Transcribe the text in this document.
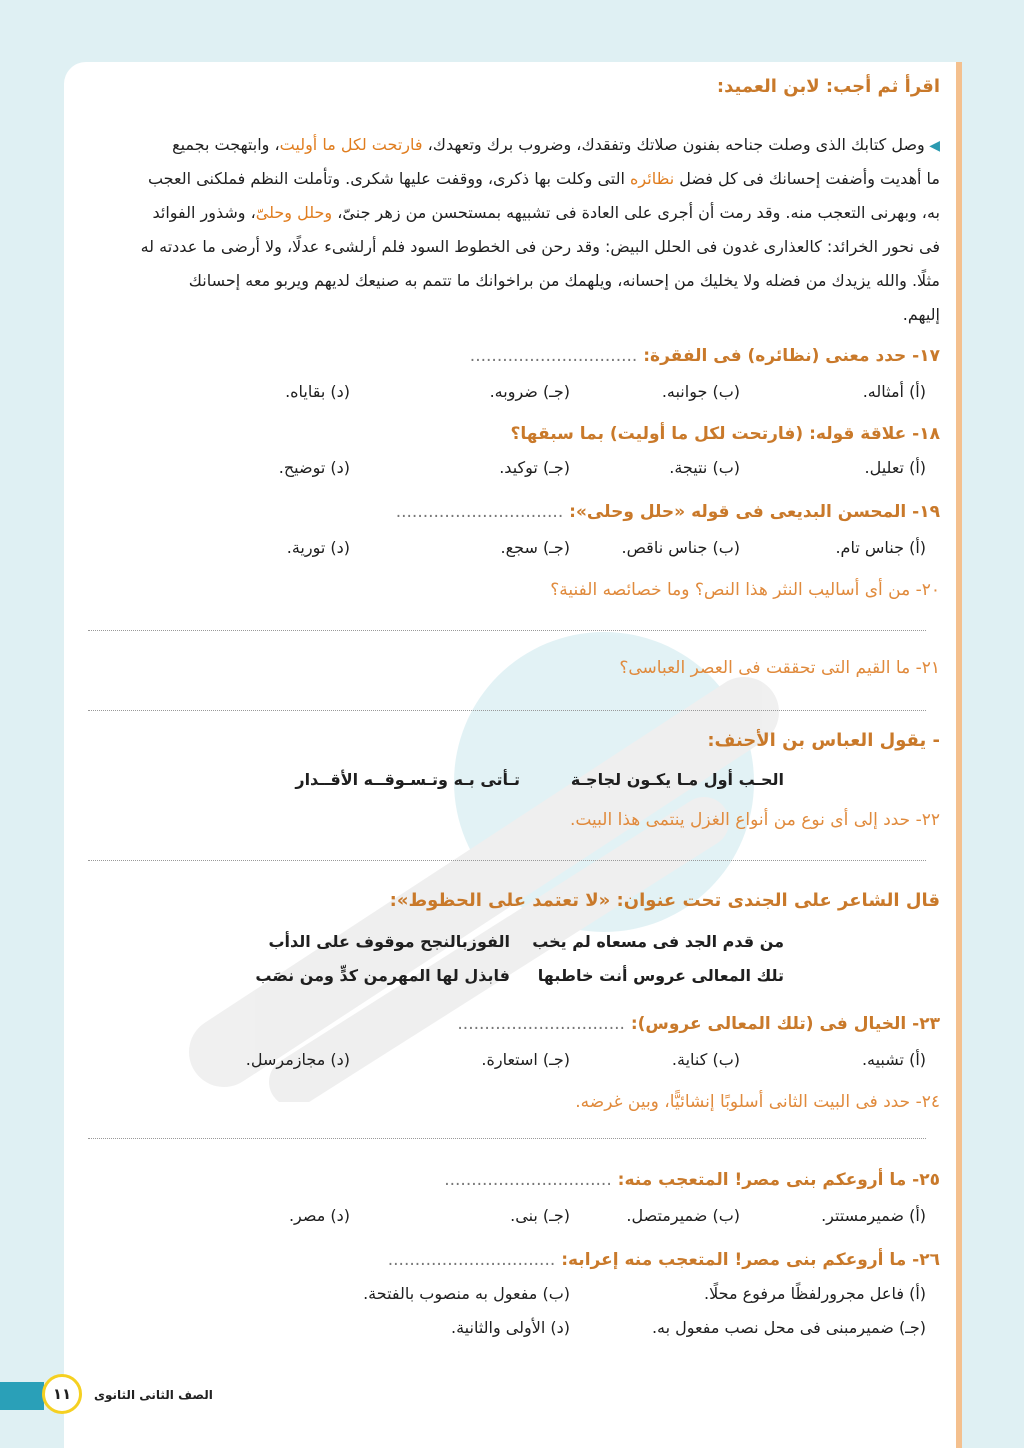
اقرأ ثم أجب: لابن العميد:
◀ وصل كتابك الذى وصلت جناحه بفنون صلاتك وتفقدك، وضروب برك وتعهدك، فارتحت لكل ما أوليت، وابتهجت بجميع
ما أهديت وأضفت إحسانك فى كل فضل نظائره التى وكلت بها ذكرى، ووقفت عليها شكرى. وتأملت النظم فملكنى العجب
به، وبهرنى التعجب منه. وقد رمت أن أجرى على العادة فى تشبيهه بمستحسن من زهر جنىّ، وحلل وحلىّ، وشذور الفوائد
فى نحور الخرائد: كالعذارى غدون فى الحلل البيض: وقد رحن فى الخطوط السود فلم أرلشىء عدلًا، ولا أرضى ما عددته له
مثلًا. والله يزيدك من فضله ولا يخليك من إحسانه، ويلهمك من براخوانك ما تتمم به صنيعك لديهم ويربو معه إحسانك
إليهم.
١٧- حدد معنى (نظائره) فى الفقرة: ...............................
(أ) أمثاله.
(ب) جوانبه.
(جـ) ضروبه.
(د) بقاياه.
١٨- علاقة قوله: (فارتحت لكل ما أوليت) بما سبقها؟
(أ) تعليل.
(ب) نتيجة.
(جـ) توكيد.
(د) توضيح.
١٩- المحسن البديعى فى قوله «حلل وحلى»: ...............................
(أ) جناس تام.
(ب) جناس ناقص.
(جـ) سجع.
(د) تورية.
٢٠- من أى أساليب النثر هذا النص؟ وما خصائصه الفنية؟
٢١- ما القيم التى تحققت فى العصر العباسى؟
- يقول العباس بن الأحنف:
الحـب أول مـا يكـون لجاجـة
تـأتى بـه وتـسـوقــه الأقــدار
٢٢- حدد إلى أى نوع من أنواع الغزل ينتمى هذا البيت.
قال الشاعر على الجندى تحت عنوان: «لا تعتمد على الحظوط»:
من قدم الجد فى مسعاه لم يخب
الفوزبالنجح موقوف على الدأب
تلك المعالى عروس أنت خاطبها
فابذل لها المهرمن كدٍّ ومن نصَب
٢٣- الخيال فى (تلك المعالى عروس): ...............................
(أ) تشبيه.
(ب) كناية.
(جـ) استعارة.
(د) مجازمرسل.
٢٤- حدد فى البيت الثانى أسلوبًا إنشائيًّا، وبين غرضه.
٢٥- ما أروعكم بنى مصر! المتعجب منه: ...............................
(أ) ضميرمستتر.
(ب) ضميرمتصل.
(جـ) بنى.
(د) مصر.
٢٦- ما أروعكم بنى مصر! المتعجب منه إعرابه: ...............................
(أ) فاعل مجرورلفظًا مرفوع محلًا.
(ب) مفعول به منصوب بالفتحة.
(جـ) ضميرمبنى فى محل نصب مفعول به.
(د) الأولى والثانية.
١١	الصف الثانى الثانوى
